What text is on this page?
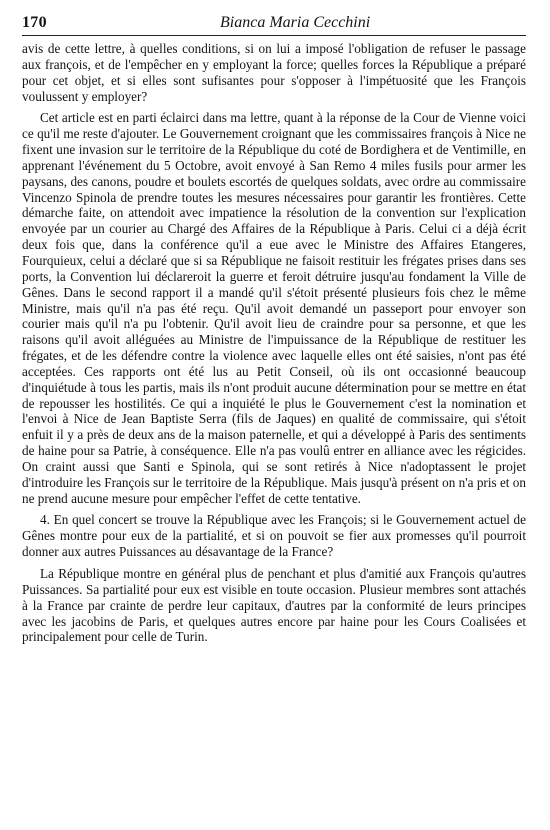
170	Bianca Maria Cecchini

avis de cette lettre, à quelles conditions, si on lui a imposé l'obligation de refuser le passage aux françois, et de l'empêcher en y employant la force; quelles forces la République a préparé pour cet objet, et si elles sont sufisantes pour s'opposer à l'impétuosité que les François voulussent y employer?

Cet article est en parti éclairci dans ma lettre, quant à la réponse de la Cour de Vienne voici ce qu'il me reste d'ajouter. Le Gouvernement croignant que les commissaires françois à Nice ne fixent une invasion sur le territoire de la République du coté de Bordighera et de Ventimille, en apprenant l'événement du 5 Octobre, avoit envoyé à San Remo 4 miles fusils pour armer les paysans, des canons, poudre et boulets escortés de quelques soldats, avec ordre au commissaire Vincenzo Spinola de prendre toutes les mesures nécessaires pour garantir les frontières. Cette démarche faite, on attendoit avec impatience la résolution de la convention sur l'explication envoyée par un courier au Chargé des Affaires de la République à Paris. Celui ci a déjà écrit deux fois que, dans la conférence qu'il a eue avec le Ministre des Affaires Etangeres, Fourquieux, celui a déclaré que si sa République ne faisoit restituir les frégates prises dans ses ports, la Convention lui déclareroit la guerre et feroit détruire jusqu'au fondament la Ville de Gênes. Dans le second rapport il a mandé qu'il s'étoit présenté plusieurs fois chez le même Ministre, mais qu'il n'a pas été reçu. Qu'il avoit demandé un passeport pour envoyer son courier mais qu'il n'a pu l'obtenir. Qu'il avoit lieu de craindre pour sa personne, et que les raisons qu'il avoit alléguées au Ministre de l'impuissance de la République de restituer les frégates, et de les défendre contre la violence avec laquelle elles ont été saisies, n'ont pas été acceptées. Ces rapports ont été lus au Petit Conseil, où ils ont occasionné beaucoup d'inquiétude à tous les partis, mais ils n'ont produit aucune détermination pour se mettre en état de repousser les hostilités. Ce qui a inquiété le plus le Gouvernement c'est la nomination et l'envoi à Nice de Jean Baptiste Serra (fils de Jaques) en qualité de commissaire, qui s'étoit enfuit il y a près de deux ans de la maison paternelle, et qui a développé à Paris des sentiments de haine pour sa Patrie, à conséquence. Elle n'a pas voulû entrer en alliance avec les régicides. On craint aussi que Santi e Spinola, qui se sont retirés à Nice n'adoptassent le projet d'introduire les François sur le territoire de la République. Mais jusqu'à présent on n'a pris et on ne prend aucune mesure pour empêcher l'effet de cette tentative.

4. En quel concert se trouve la République avec les François; si le Gouvernement actuel de Gênes montre pour eux de la partialité, et si on pouvoit se fier aux promesses qu'il pourroit donner aux autres Puissances au désavantage de la France?

La République montre en général plus de penchant et plus d'amitié aux François qu'autres Puissances. Sa partialité pour eux est visible en toute occasion. Plusieur membres sont attachés à la France par crainte de perdre leur capitaux, d'autres par la conformité de leurs principes avec les jacobins de Paris, et quelques autres encore par haine pour les Cours Coalisées et principalement pour celle de Turin.
